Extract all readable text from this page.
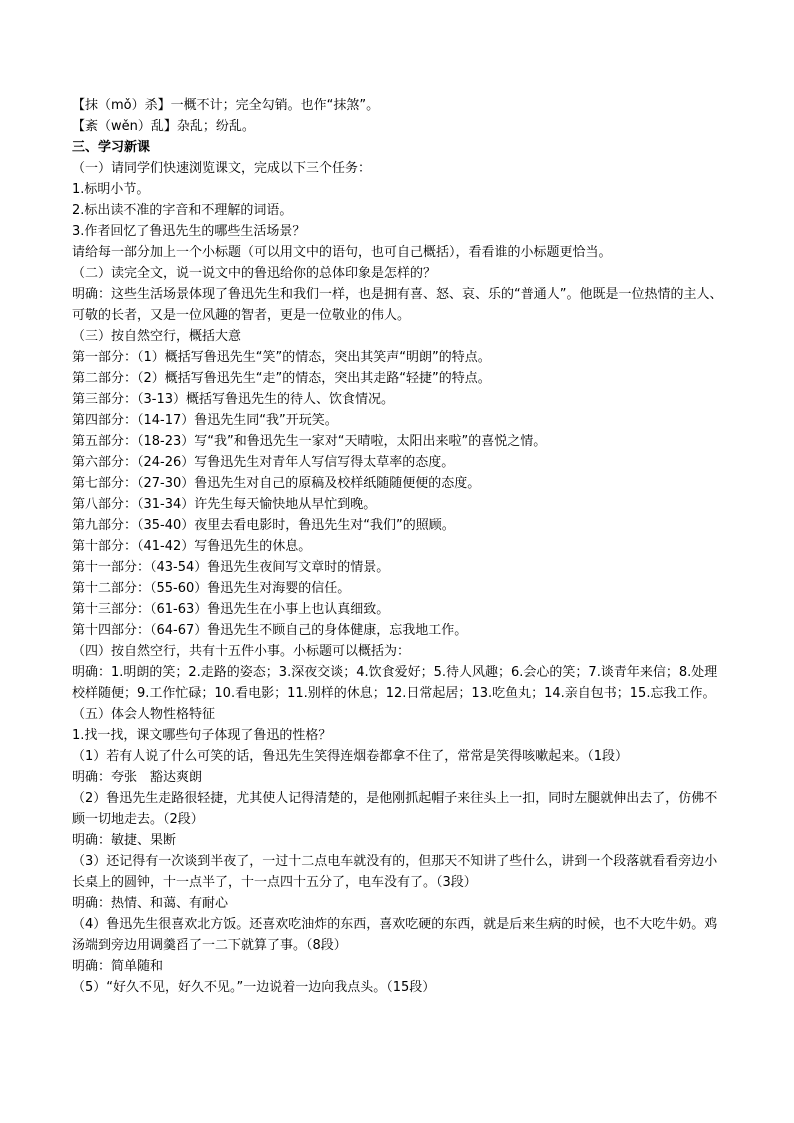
【抹（mǒ）杀】一概不计；完全勾销。也作“抹煞”。

【紊（wěn）乱】杂乱；纷乱。

三、学习新课

（一）请同学们快速浏览课文，完成以下三个任务：

1.标明小节。

2.标出读不准的字音和不理解的词语。

3.作者回忆了鲁迅先生的哪些生活场景？

请给每一部分加上一个小标题（可以用文中的语句，也可自己概括），看看谁的小标题更恰当。

（二）读完全文，说一说文中的鲁迅给你的总体印象是怎样的？

明确：这些生活场景体现了鲁迅先生和我们一样，也是拥有喜、怒、哀、乐的“普通人”。他既是一位热情的主人、可敬的长者，又是一位风趣的智者，更是一位敬业的伟人。

（三）按自然空行，概括大意

第一部分：（1）概括写鲁迅先生“笑”的情态，突出其笑声“明朗”的特点。

第二部分：（2）概括写鲁迅先生“走”的情态，突出其走路“轻捷”的特点。

第三部分：（3-13）概括写鲁迅先生的待人、饮食情况。

第四部分：（14-17）鲁迅先生同“我”开玩笑。

第五部分：（18-23）写“我”和鲁迅先生一家对“天晴啦，太阳出来啦”的喜悦之情。

第六部分：（24-26）写鲁迅先生对青年人写信写得太草率的态度。

第七部分：（27-30）鲁迅先生对自己的原稿及校样纸随随便便的态度。

第八部分：（31-34）许先生每天愉快地从早忙到晚。

第九部分：（35-40）夜里去看电影时，鲁迅先生对“我们”的照顾。

第十部分：（41-42）写鲁迅先生的休息。

第十一部分：（43-54）鲁迅先生夜间写文章时的情景。

第十二部分：（55-60）鲁迅先生对海婴的信任。

第十三部分：（61-63）鲁迅先生在小事上也认真细致。

第十四部分：（64-67）鲁迅先生不顾自己的身体健康，忘我地工作。

（四）按自然空行，共有十五件小事。小标题可以概括为：

明确：1.明朗的笑；2.走路的姿态；3.深夜交谈；4.饮食爱好；5.待人风趣；6.会心的笑；7.谈青年来信；8.处理校样随便；9.工作忙碌；10.看电影；11.别样的休息；12.日常起居；13.吃鱼丸；14.亲自包书；15.忘我工作。

（五）体会人物性格特征

1.找一找，课文哪些句子体现了鲁迅的性格？

（1）若有人说了什么可笑的话，鲁迅先生笑得连烟卷都拿不住了，常常是笑得咳嗽起来。（1段）

明确：夸张　豁达爽朗

（2）鲁迅先生走路很轻捷，尤其使人记得清楚的，是他刚抓起帽子来往头上一扣，同时左腿就伸出去了，仿佛不顾一切地走去。（2段）

明确：敏捷、果断

（3）还记得有一次谈到半夜了，一过十二点电车就没有的，但那天不知讲了些什么，讲到一个段落就看看旁边小长桌上的圆钟，十一点半了，十一点四十五分了，电车没有了。（3段）

明确：热情、和蔼、有耐心

（4）鲁迅先生很喜欢北方饭。还喜欢吃油炸的东西，喜欢吃硬的东西，就是后来生病的时候，也不大吃牛奶。鸡汤端到旁边用调羹舀了一二下就算了事。（8段）

明确：简单随和

（5）“好久不见，好久不见。”一边说着一边向我点头。（15段）
